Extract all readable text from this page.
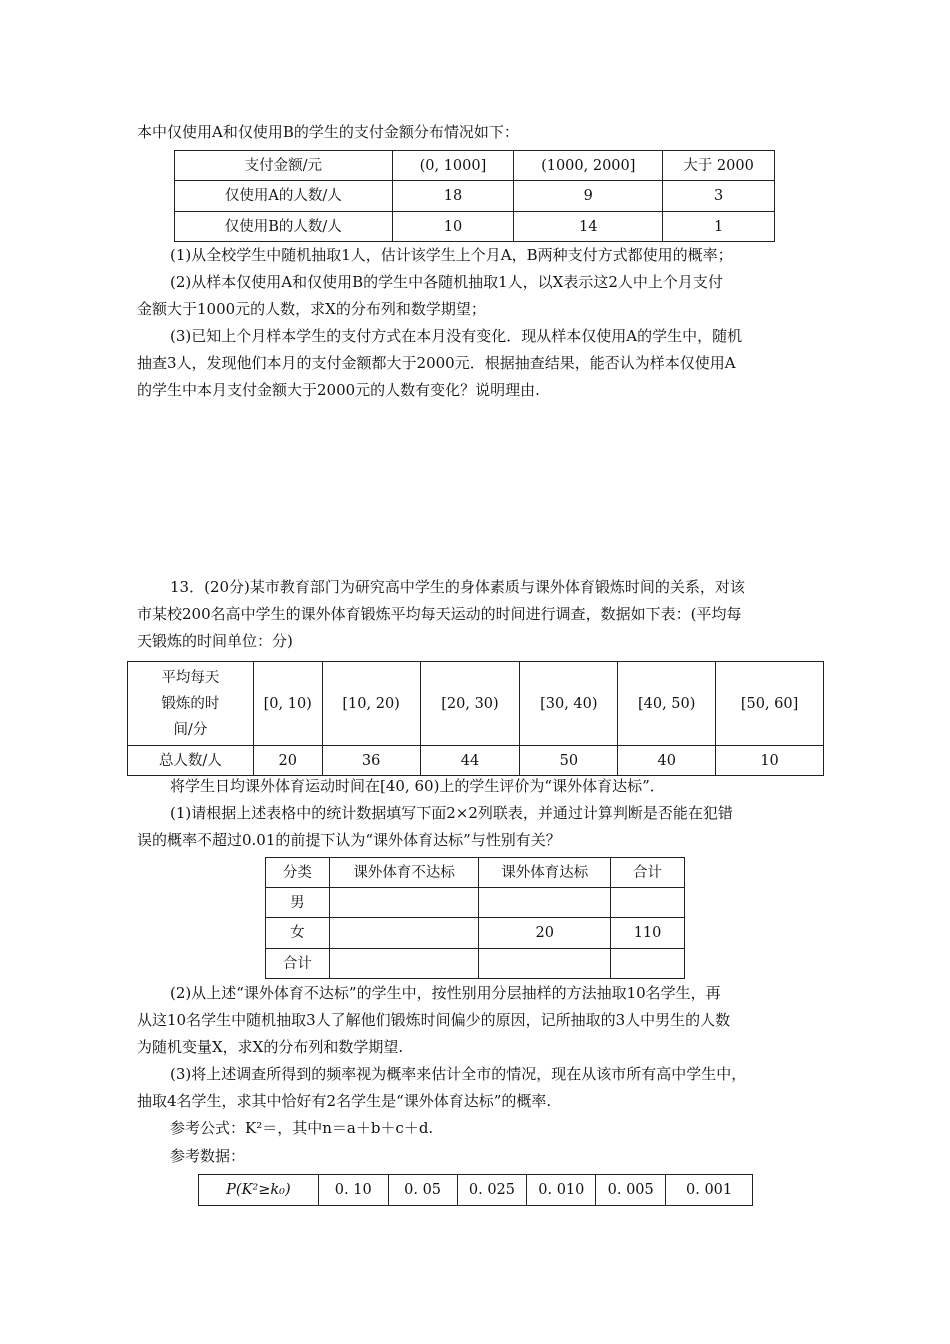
本中仅使用A和仅使用B的学生的支付金额分布情况如下：
支付金额/元	(0, 1000]	(1000, 2000]	大于 2000
仅使用A的人数/人	18	9	3
仅使用B的人数/人	10	14	1
(1)从全校学生中随机抽取1人，估计该学生上个月A，B两种支付方式都使用的概率；
(2)从样本仅使用A和仅使用B的学生中各随机抽取1人，以X表示这2人中上个月支付
金额大于1000元的人数，求X的分布列和数学期望；
(3)已知上个月样本学生的支付方式在本月没有变化．现从样本仅使用A的学生中，随机
抽查3人，发现他们本月的支付金额都大于2000元．根据抽查结果，能否认为样本仅使用A
的学生中本月支付金额大于2000元的人数有变化？说明理由.
13．(20分)某市教育部门为研究高中学生的身体素质与课外体育锻炼时间的关系，对该
市某校200名高中学生的课外体育锻炼平均每天运动的时间进行调查，数据如下表：(平均每
天锻炼的时间单位：分)
平均每天
锻炼的时
间/分	[0, 10)	[10, 20)	[20, 30)	[30, 40)	[40, 50)	[50, 60]
总人数/人	20	36	44	50	40	10
将学生日均课外体育运动时间在[40, 60)上的学生评价为“课外体育达标”．
(1)请根据上述表格中的统计数据填写下面2×2列联表，并通过计算判断是否能在犯错
误的概率不超过0.01的前提下认为“课外体育达标”与性别有关？
分类	课外体育不达标	课外体育达标	合计
男			
女		20	110
合计			
(2)从上述“课外体育不达标”的学生中，按性别用分层抽样的方法抽取10名学生，再
从这10名学生中随机抽取3人了解他们锻炼时间偏少的原因，记所抽取的3人中男生的人数
为随机变量X，求X的分布列和数学期望.
(3)将上述调查所得到的频率视为概率来估计全市的情况，现在从该市所有高中学生中，
抽取4名学生，求其中恰好有2名学生是“课外体育达标”的概率.
参考公式：K²＝，其中n＝a＋b＋c＋d.
参考数据：
P(K²≥k₀)	0. 10	0. 05	0. 025	0. 010	0. 005	0. 001
